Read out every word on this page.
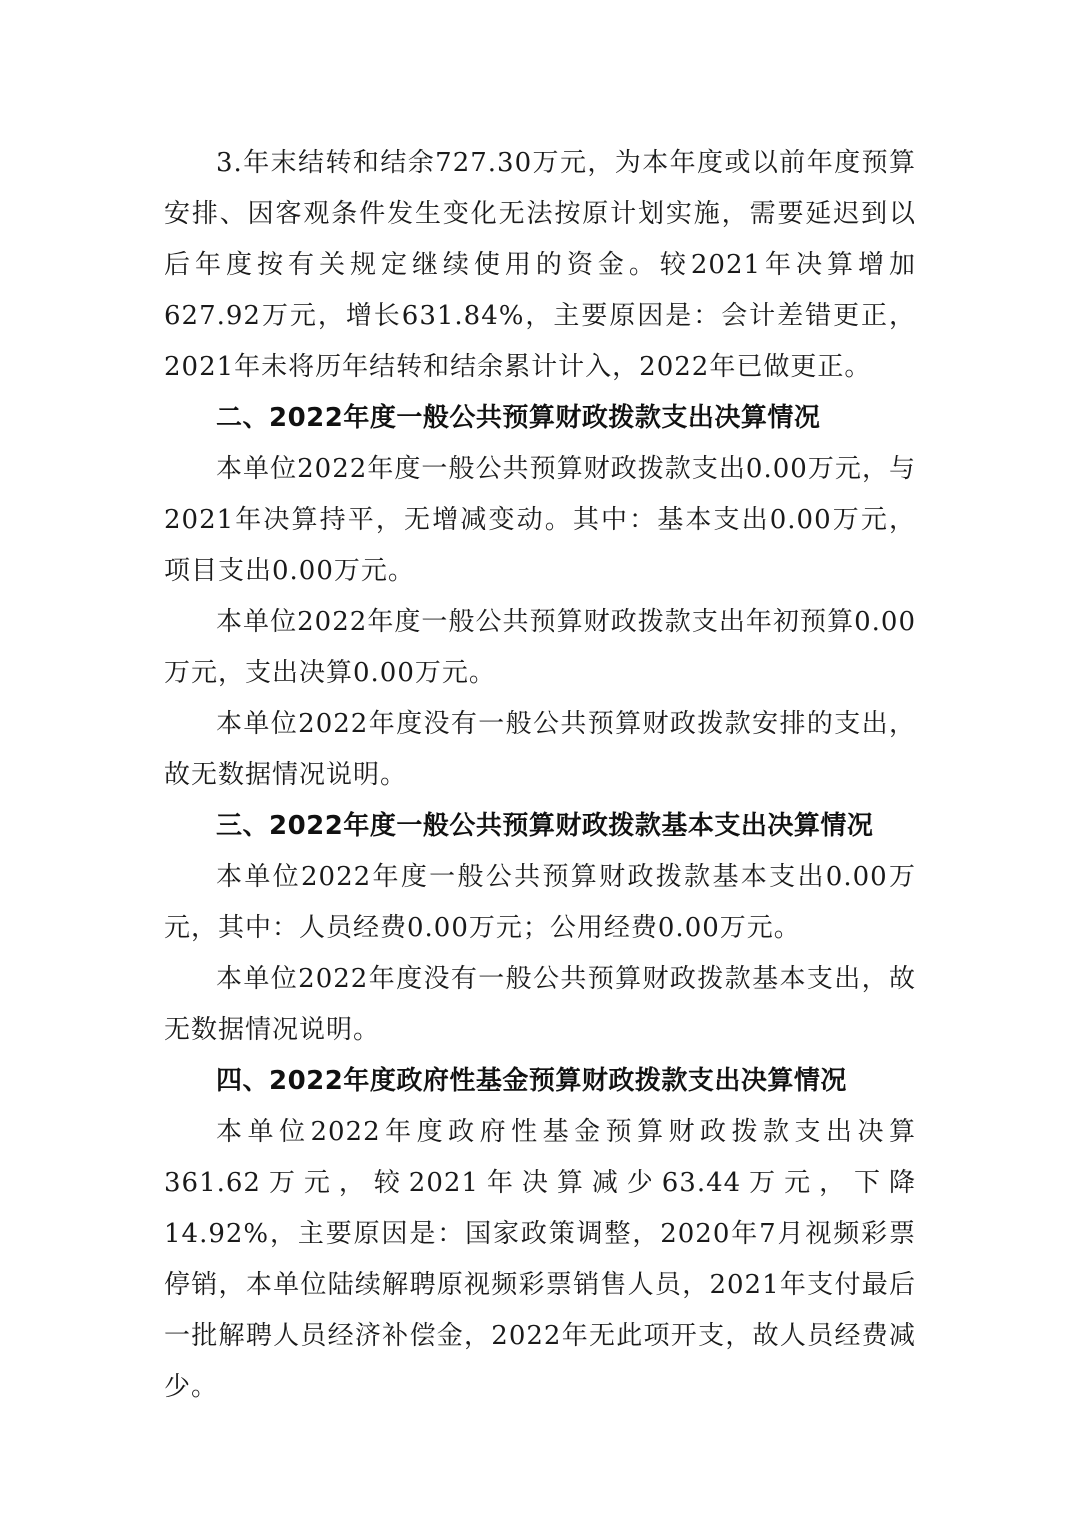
3.年末结转和结余727.30万元，为本年度或以前年度预算安排、因客观条件发生变化无法按原计划实施，需要延迟到以后年度按有关规定继续使用的资金。较2021年决算增加627.92万元，增长631.84%，主要原因是：会计差错更正，2021年未将历年结转和结余累计计入，2022年已做更正。

二、2022年度一般公共预算财政拨款支出决算情况

本单位2022年度一般公共预算财政拨款支出0.00万元，与2021年决算持平，无增减变动。其中：基本支出0.00万元，项目支出0.00万元。

本单位2022年度一般公共预算财政拨款支出年初预算0.00万元，支出决算0.00万元。

本单位2022年度没有一般公共预算财政拨款安排的支出，故无数据情况说明。

三、2022年度一般公共预算财政拨款基本支出决算情况

本单位2022年度一般公共预算财政拨款基本支出0.00万元，其中：人员经费0.00万元；公用经费0.00万元。

本单位2022年度没有一般公共预算财政拨款基本支出，故无数据情况说明。

四、2022年度政府性基金预算财政拨款支出决算情况

本单位2022年度政府性基金预算财政拨款支出决算361.62万元，较2021年决算减少63.44万元，下降14.92%，主要原因是：国家政策调整，2020年7月视频彩票停销，本单位陆续解聘原视频彩票销售人员，2021年支付最后一批解聘人员经济补偿金，2022年无此项开支，故人员经费减少。
